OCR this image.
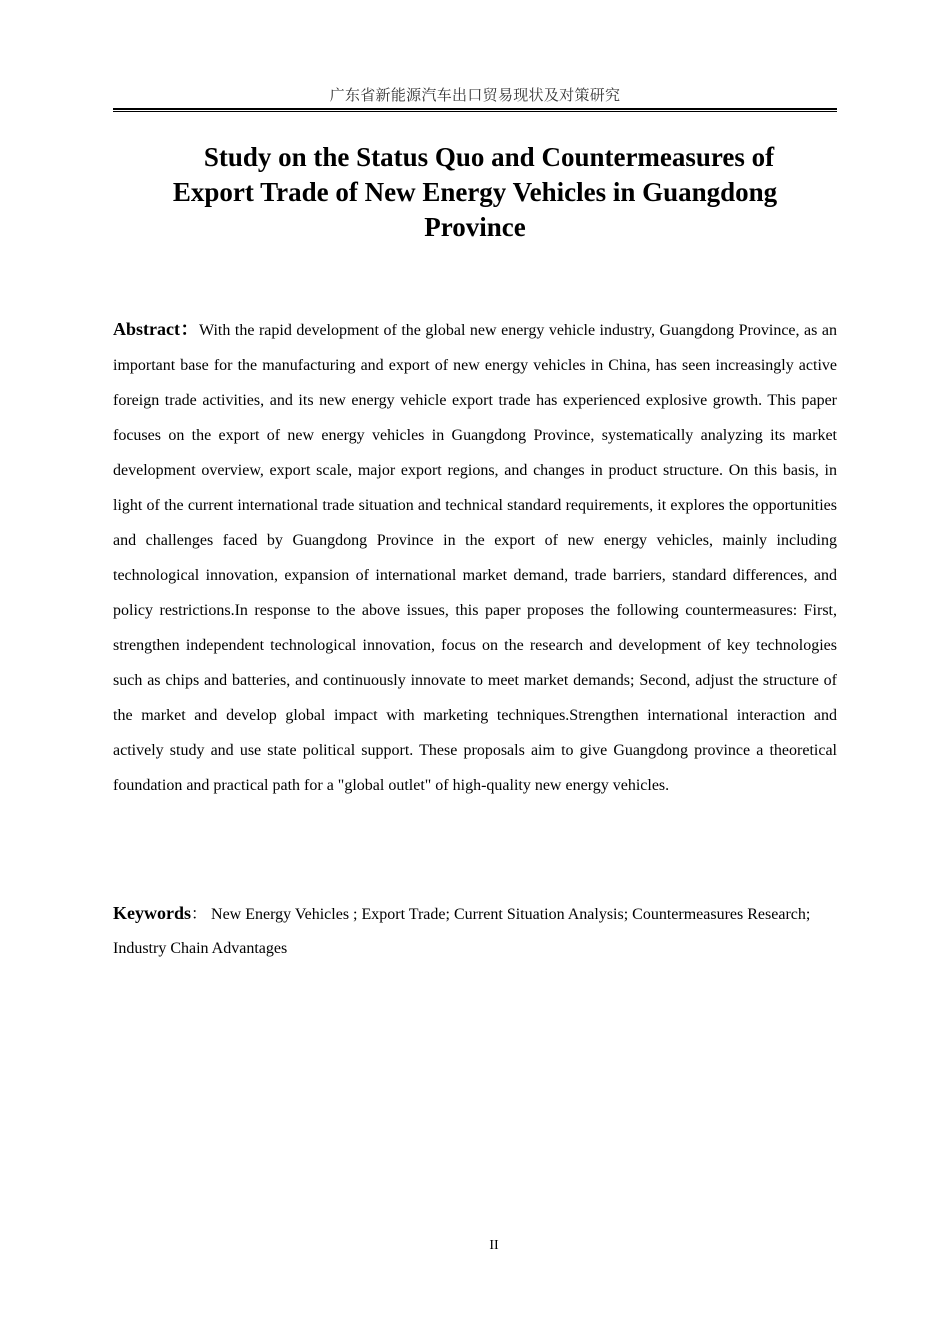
广东省新能源汽车出口贸易现状及对策研究
Study on the Status Quo and Countermeasures of
Export Trade of New Energy Vehicles in Guangdong
Province
Abstract：With the rapid development of the global new energy vehicle industry, Guangdong Province, as an important base for the manufacturing and export of new energy vehicles in China, has seen increasingly active foreign trade activities, and its new energy vehicle export trade has experienced explosive growth. This paper focuses on the export of new energy vehicles in Guangdong Province, systematically analyzing its market development overview, export scale, major export regions, and changes in product structure. On this basis, in light of the current international trade situation and technical standard requirements, it explores the opportunities and challenges faced by Guangdong Province in the export of new energy vehicles, mainly including technological innovation, expansion of international market demand, trade barriers, standard differences, and policy restrictions.In response to the above issues, this paper proposes the following countermeasures: First, strengthen independent technological innovation, focus on the research and development of key technologies such as chips and batteries, and continuously innovate to meet market demands; Second, adjust the structure of the market and develop global impact with marketing techniques.Strengthen international interaction and actively study and use state political support. These proposals aim to give Guangdong province a theoretical foundation and practical path for a "global outlet" of high-quality new energy vehicles.
Keywords： New Energy Vehicles ; Export Trade; Current Situation Analysis; Countermeasures Research; Industry Chain Advantages
II
